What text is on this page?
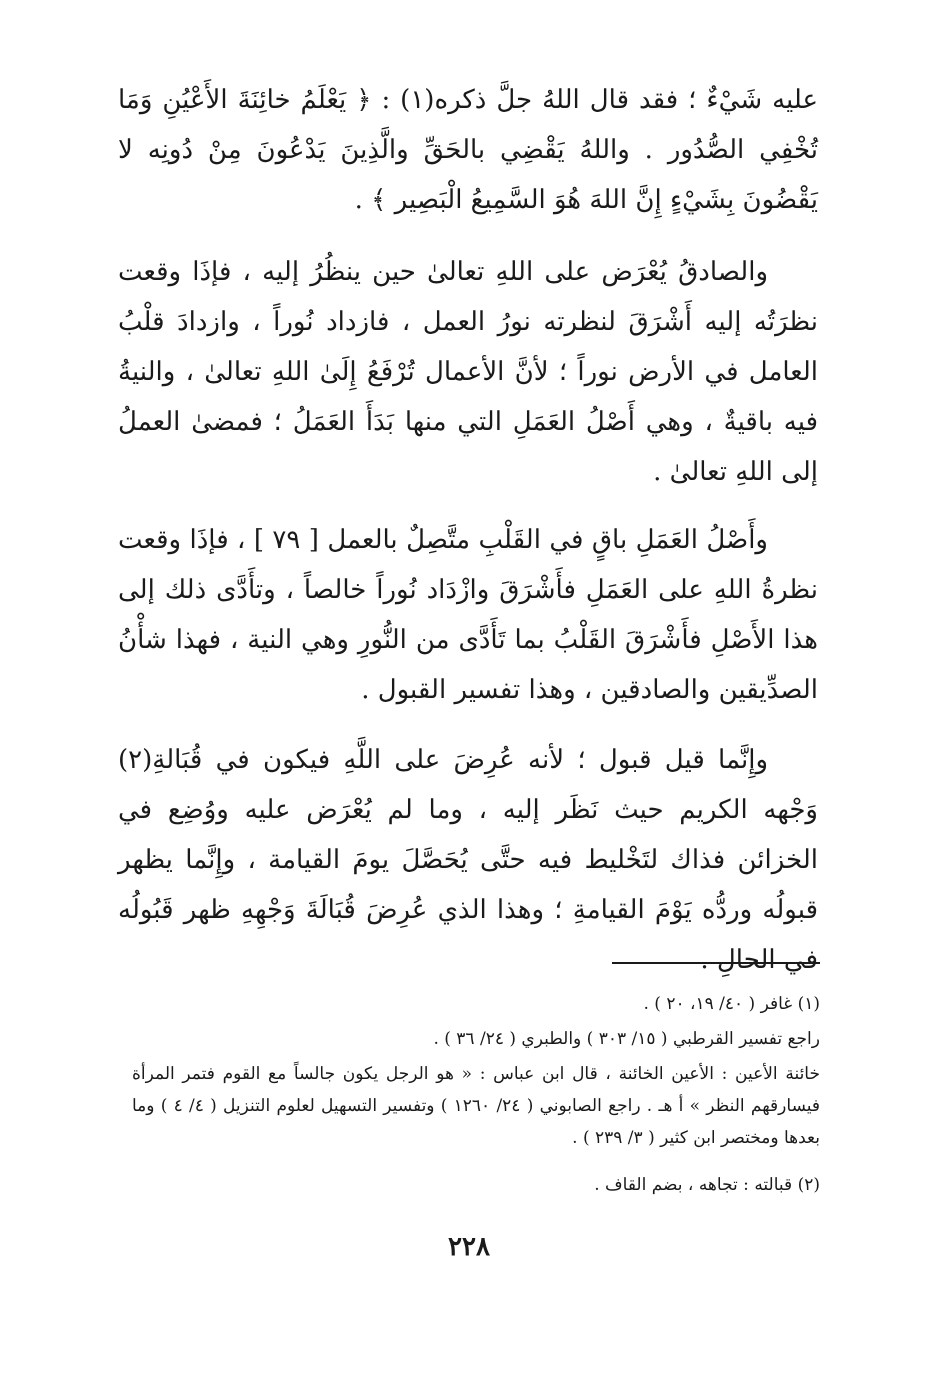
عليه شَيْءٌ ؛ فقد قال اللهُ جلَّ ذكره(١) : ﴿ يَعْلَمُ خائِنَةَ الأَعْيُنِ وَمَا تُخْفِي الصُّدُور . واللهُ يَقْضِي بالحَقِّ والَّذِينَ يَدْعُونَ مِنْ دُونِه لا يَقْضُونَ بِشَيْءٍ إِنَّ اللهَ هُوَ السَّمِيعُ الْبَصِير ﴾ .

والصادقُ يُعْرَض على اللهِ تعالىٰ حين ينظُرُ إليه ، فإذَا وقعت نظرَتُه إليه أَشْرَقَ لنظرته نورُ العمل ، فازداد نُوراً ، وازدادَ قلْبُ العامل في الأرض نوراً ؛ لأنَّ الأعمال تُرْفَعُ إِلَىٰ اللهِ تعالىٰ ، والنيةُ فيه باقيةٌ ، وهي أَصْلُ العَمَلِ التي منها بَدَأَ العَمَلُ ؛ فمضىٰ العملُ إلى اللهِ تعالىٰ .

وأَصْلُ العَمَلِ باقٍ في القَلْبِ متَّصِلٌ بالعمل [ ٧٩ ] ، فإذَا وقعت نظرةُ اللهِ على العَمَلِ فأَشْرَقَ وازْدَاد نُوراً خالصاً ، وتأَدَّى ذلك إلى هذا الأَصْلِ فأَشْرَقَ القَلْبُ بما تَأَدَّى من النُّورِ وهي النية ، فهذا شأْنُ الصدِّيقين والصادقين ، وهذا تفسير القبول .

وإِنَّما قيل قبول ؛ لأنه عُرِضَ على اللَّهِ فيكون في قُبَالةِ(٢) وَجْهه الكريم حيث نَظَر إليه ، وما لم يُعْرَض عليه ووُضِع في الخزائن فذاك لتَخْليط فيه حتَّى يُحَصَّلَ يومَ القيامة ، وإِنَّما يظهر قبولُه وردُّه يَوْمَ القيامةِ ؛ وهذا الذي عُرِضَ قُبَالَةَ وَجْهِهِ ظهر قَبُولُه في الحالِ .

(١) غافر ( ٤٠/ ١٩، ٢٠ ) .

راجع تفسير القرطبي ( ١٥/ ٣٠٣ ) والطبري ( ٢٤/ ٣٦ ) .

خائنة الأعين : الأعين الخائنة ، قال ابن عباس : « هو الرجل يكون جالساً مع القوم فتمر المرأة فيسارقهم النظر » أ هـ . راجع الصابوني ( ٢٤/ ١٢٦٠ ) وتفسير التسهيل لعلوم التنزيل ( ٤/ ٤ ) وما بعدها ومختصر ابن كثير ( ٣/ ٢٣٩ ) .

(٢) قبالته : تجاهه ، بضم القاف .

٢٢٨
